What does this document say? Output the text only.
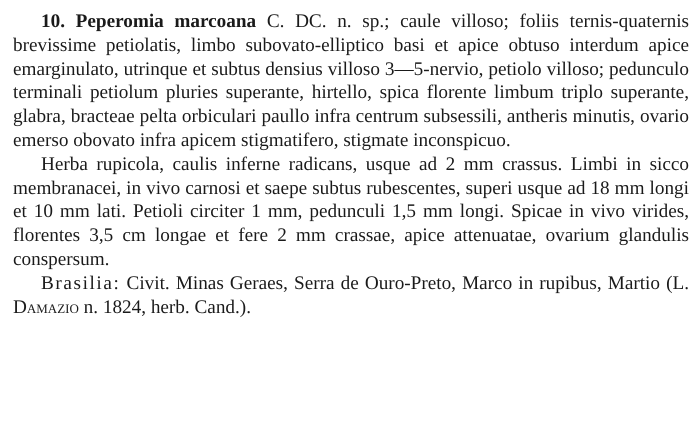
10. Peperomia marcoana C. DC. n. sp.; caule villoso; foliis ternis-quaternis brevissime petiolatis, limbo subovato-elliptico basi et apice obtuso interdum apice emarginulato, utrinque et subtus densius villoso 3—5-nervio, petiolo villoso; pedunculo terminali petiolum pluries superante, hirtello, spica florente limbum triplo superante, glabra, bracteae pelta orbiculari paullo infra centrum subsessili, antheris minutis, ovario emerso obovato infra apicem stigmatifero, stigmate inconspicuo.

Herba rupicola, caulis inferne radicans, usque ad 2 mm crassus. Limbi in sicco membranacei, in vivo carnosi et saepe subtus rubescentes, superi usque ad 18 mm longi et 10 mm lati. Petioli circiter 1 mm, pedunculi 1,5 mm longi. Spicae in vivo virides, florentes 3,5 cm longae et fere 2 mm crassae, apice attenuatae, ovarium glandulis conspersum.

Brasilia: Civit. Minas Geraes, Serra de Ouro-Preto, Marco in rupibus, Martio (L. Damazio n. 1824, herb. Cand.).
